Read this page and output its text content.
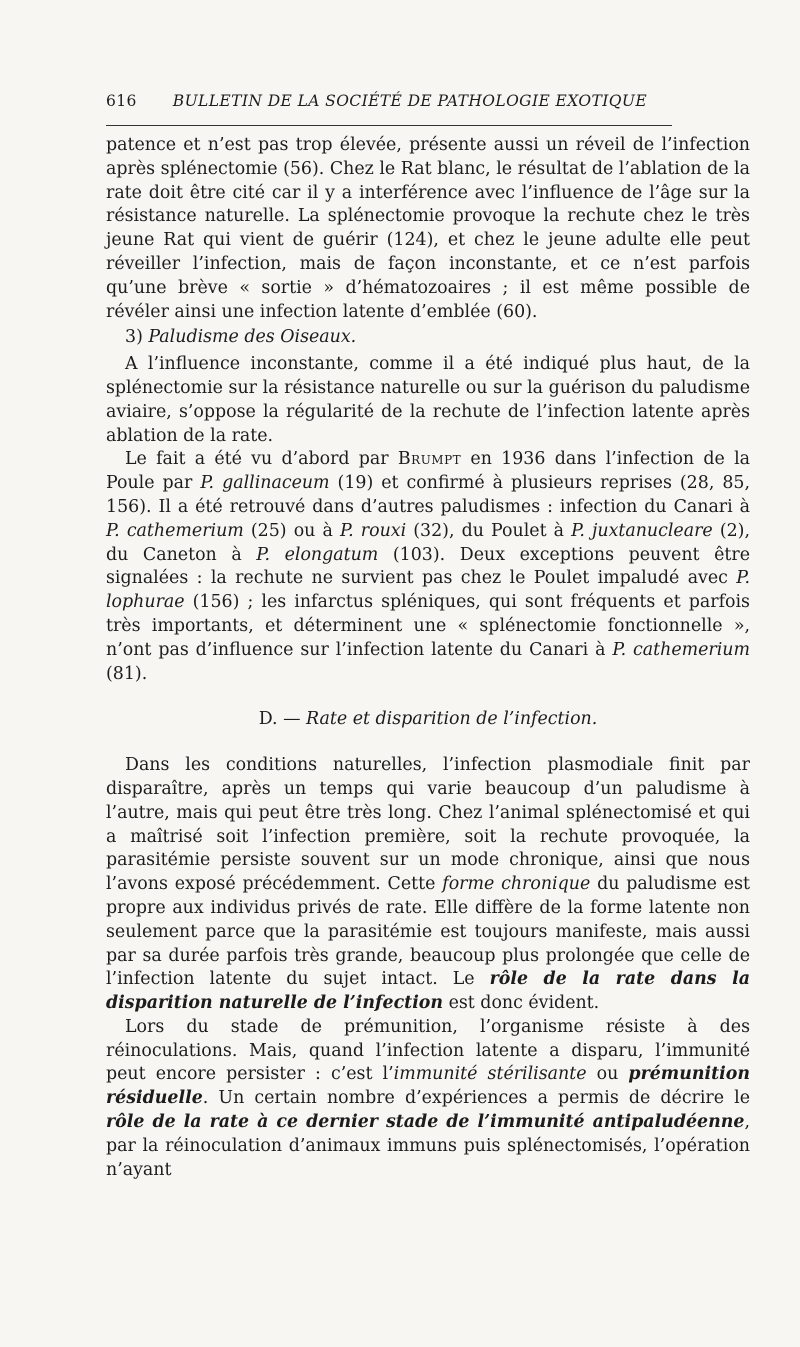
616 BULLETIN DE LA SOCIÉTÉ DE PATHOLOGIE EXOTIQUE

patence et n’est pas trop élevée, présente aussi un réveil de l’infection après splénectomie (56). Chez le Rat blanc, le résultat de l’ablation de la rate doit être cité car il y a interférence avec l’influence de l’âge sur la résistance naturelle. La splénectomie provoque la rechute chez le très jeune Rat qui vient de guérir (124), et chez le jeune adulte elle peut réveiller l’infection, mais de façon inconstante, et ce n’est parfois qu’une brève « sortie » d’hématozoaires ; il est même possible de révéler ainsi une infection latente d’emblée (60).

3) Paludisme des Oiseaux.

A l’influence inconstante, comme il a été indiqué plus haut, de la splénectomie sur la résistance naturelle ou sur la guérison du paludisme aviaire, s’oppose la régularité de la rechute de l’infection latente après ablation de la rate.

Le fait a été vu d’abord par Brumpt en 1936 dans l’infection de la Poule par P. gallinaceum (19) et confirmé à plusieurs reprises (28, 85, 156). Il a été retrouvé dans d’autres paludismes : infection du Canari à P. cathemerium (25) ou à P. rouxi (32), du Poulet à P. juxtanucleare (2), du Caneton à P. elongatum (103). Deux exceptions peuvent être signalées : la rechute ne survient pas chez le Poulet impaludé avec P. lophurae (156) ; les infarctus spléniques, qui sont fréquents et parfois très importants, et déterminent une « splénectomie fonctionnelle », n’ont pas d’influence sur l’infection latente du Canari à P. cathemerium (81).

D. — Rate et disparition de l’infection.

Dans les conditions naturelles, l’infection plasmodiale finit par disparaître, après un temps qui varie beaucoup d’un paludisme à l’autre, mais qui peut être très long. Chez l’animal splénectomisé et qui a maîtrisé soit l’infection première, soit la rechute provoquée, la parasitémie persiste souvent sur un mode chronique, ainsi que nous l’avons exposé précédemment. Cette forme chronique du paludisme est propre aux individus privés de rate. Elle diffère de la forme latente non seulement parce que la parasitémie est toujours manifeste, mais aussi par sa durée parfois très grande, beaucoup plus prolongée que celle de l’infection latente du sujet intact. Le rôle de la rate dans la disparition naturelle de l’infection est donc évident.

Lors du stade de prémunition, l’organisme résiste à des réinoculations. Mais, quand l’infection latente a disparu, l’immunité peut encore persister : c’est l’immunité stérilisante ou prémunition résiduelle. Un certain nombre d’expériences a permis de décrire le rôle de la rate à ce dernier stade de l’immunité antipaludéenne, par la réinoculation d’animaux immuns puis splénectomisés, l’opération n’ayant
